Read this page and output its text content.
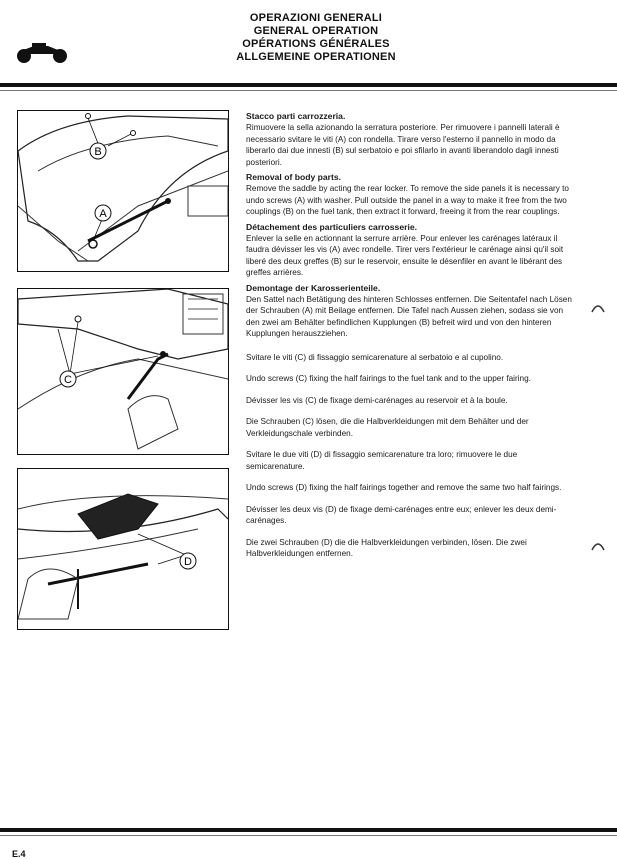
OPERAZIONI GENERALI
GENERAL OPERATION
OPÉRATIONS GÉNÉRALES
ALLGEMEINE OPERATIONEN
B
A
C
D
Stacco parti carrozzeria.

Rimuovere la sella azionando la serratura posteriore. Per rimuovere i pannelli laterali è necessario svitare le viti (A) con rondella. Tirare verso l'esterno il pannello in modo da liberarlo dai due innesti (B) sul serbatoio e poi sfilarlo in avanti liberandolo dagli innesti posteriori.

Removal of body parts.

Remove the saddle by acting the rear locker. To remove the side panels it is necessary to undo screws (A) with washer. Pull outside the panel in a way to make it free from the two couplings (B) on the fuel tank, then extract it forward, freeing it from the rear couplings.

Détachement des particuliers carrosserie.

Enlever la selle en actionnant la serrure arrière. Pour enlever les carénages latéraux il faudra dévisser les vis (A) avec rondelle. Tirer vers l'extérieur le carénage ainsi qu'il soit liberé des deux greffes (B) sur le reservoir, ensuite le désenfiler en avant le libérant des greffes arrières.

Demontage der Karosserienteile.

Den Sattel nach Betätigung des hinteren Schlosses entfernen. Die Seitentafel nach Lösen der Schrauben (A) mit Beilage entfernen. Die Tafel nach Aussen ziehen, sodass sie von den zwei am Behälter befindlichen Kupplungen (B) befreit wird und von den hinteren Kupplungen herauszziehen.

Svitare le viti (C) di fissaggio semicarenature al serbatoio e al cupolino.

Undo screws (C) fixing the half fairings to the fuel tank and to the upper fairing.

Dévisser les vis (C) de fixage demi-carénages au reservoir et à la boule.

Die Schrauben (C) lösen, die die Halbverkleidungen mit dem Behälter und der Verkleidungschale verbinden.

Svitare le due viti (D) di fissaggio semicarenature tra loro; rimuovere le due semicarenature.

Undo screws (D) fixing the half fairings together and remove the same two half fairings.

Dévisser les deux vis (D) de fixage demi-carénages entre eux; enlever les deux demi-carénages.

Die zwei Schrauben (D) die die Halbverkleidungen verbinden, lösen. Die zwei Halbverkleidungen entfernen.

E.4
